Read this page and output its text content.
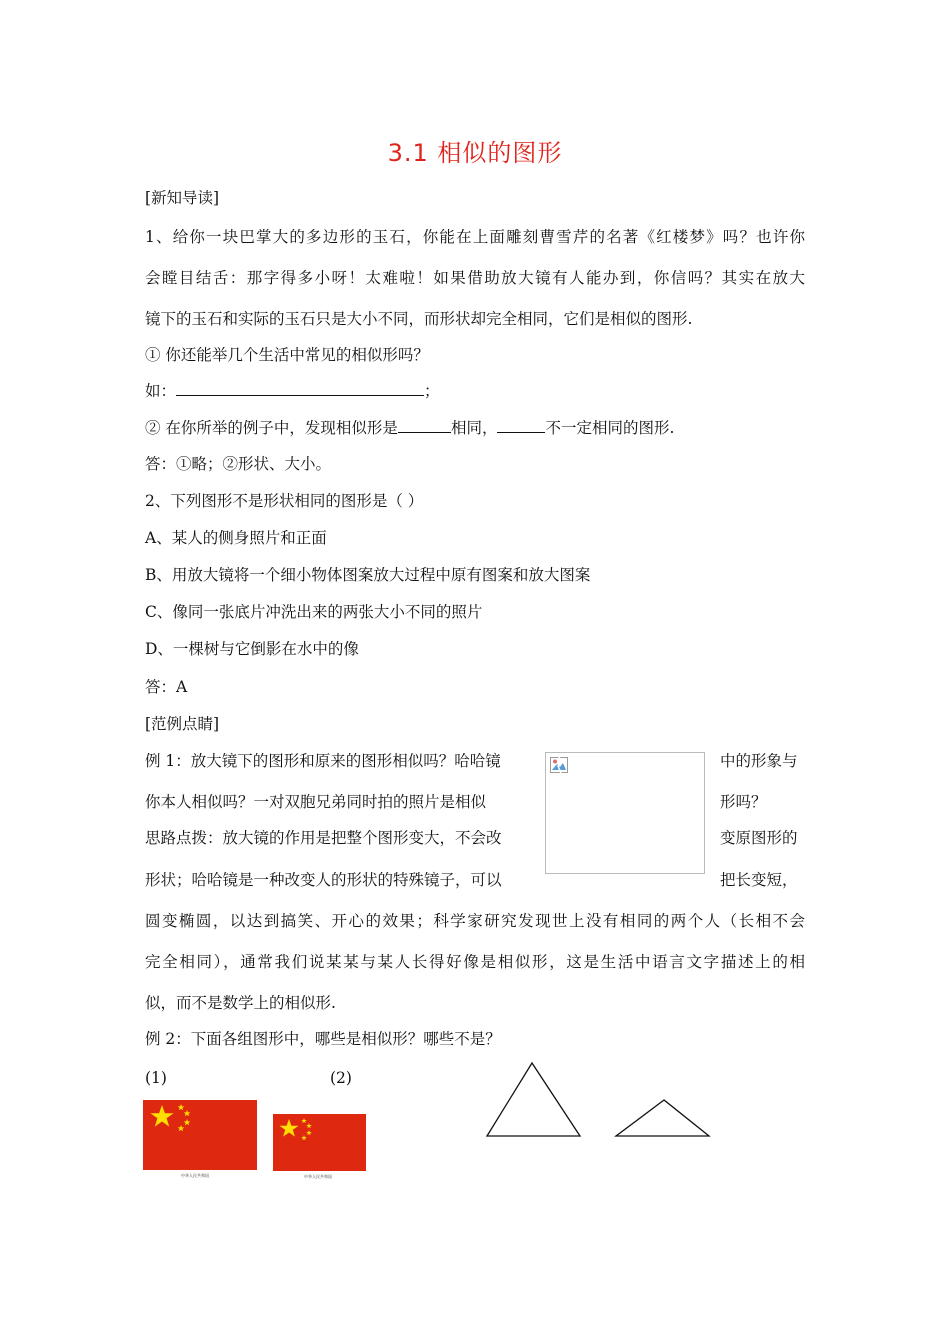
3.1 相似的图形
[新知导读]
1、给你一块巴掌大的多边形的玉石，你能在上面雕刻曹雪芹的名著《红楼梦》吗？也许你
会瞠目结舌：那字得多小呀！太难啦！如果借助放大镜有人能办到，你信吗？其实在放大
镜下的玉石和实际的玉石只是大小不同，而形状却完全相同，它们是相似的图形.
① 你还能举几个生活中常见的相似形吗？
如：	；
② 在你所举的例子中，发现相似形是	相同，	不一定相同的图形.
答：①略；②形状、大小。
2、下列图形不是形状相同的图形是（ ）
A、某人的侧身照片和正面
B、用放大镜将一个细小物体图案放大过程中原有图案和放大图案
C、像同一张底片冲洗出来的两张大小不同的照片
D、一棵树与它倒影在水中的像
答：A
[范例点睛]
例 1：放大镜下的图形和原来的图形相似吗？哈哈镜	中的形象与
你本人相似吗？一对双胞兄弟同时拍的照片是相似	形吗？
思路点拨：放大镜的作用是把整个图形变大，不会改	变原图形的
形状；哈哈镜是一种改变人的形状的特殊镜子，可以	把长变短，
圆变椭圆，以达到搞笑、开心的效果；科学家研究发现世上没有相同的两个人（长相不会
完全相同），通常我们说某某与某人长得好像是相似形，这是生活中语言文字描述上的相
似，而不是数学上的相似形.
例 2：下面各组图形中，哪些是相似形？哪些不是？
(1)	(2)
中华人民共和国	中华人民共和国
